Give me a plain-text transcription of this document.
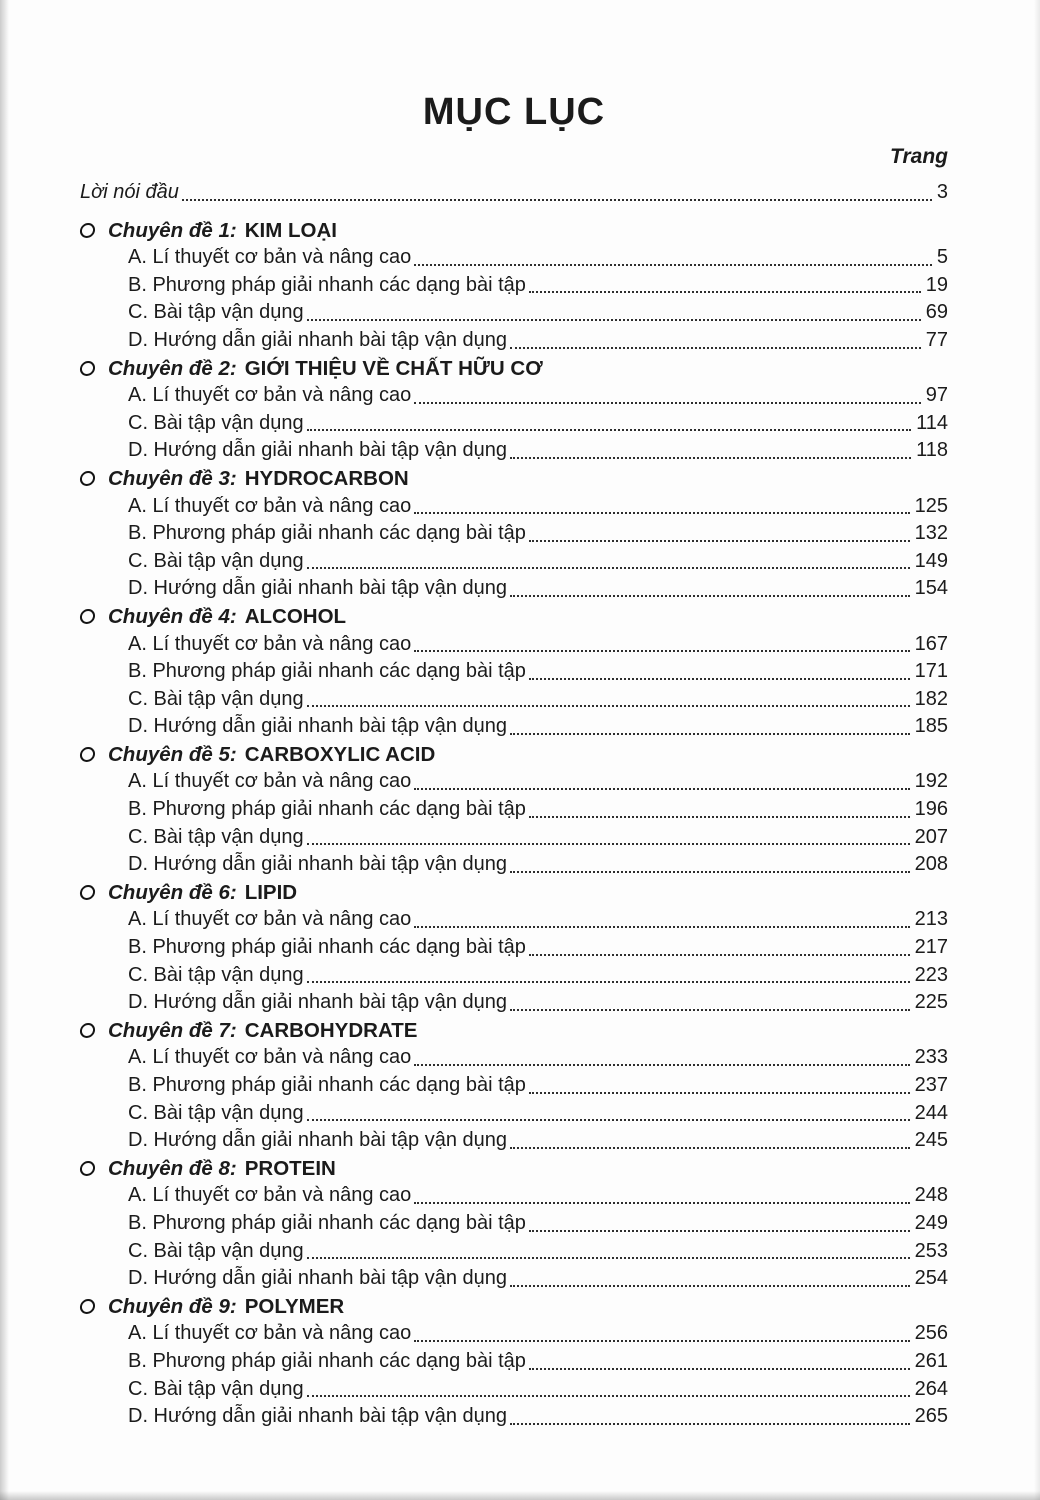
MỤC LỤC
Trang
Lời nói đầu	3
Chuyên đề 1: KIM LOẠI
A. Lí thuyết cơ bản và nâng cao	5
B. Phương pháp giải nhanh các dạng bài tập	19
C. Bài tập vận dụng	69
D. Hướng dẫn giải nhanh bài tập vận dụng	77
Chuyên đề 2: GIỚI THIỆU VỀ CHẤT HỮU CƠ
A. Lí thuyết cơ bản và nâng cao	97
C. Bài tập vận dụng	114
D. Hướng dẫn giải nhanh bài tập vận dụng	118
Chuyên đề 3: HYDROCARBON
A. Lí thuyết cơ bản và nâng cao	125
B. Phương pháp giải nhanh các dạng bài tập	132
C. Bài tập vận dụng	149
D. Hướng dẫn giải nhanh bài tập vận dụng	154
Chuyên đề 4: ALCOHOL
A. Lí thuyết cơ bản và nâng cao	167
B. Phương pháp giải nhanh các dạng bài tập	171
C. Bài tập vận dụng	182
D. Hướng dẫn giải nhanh bài tập vận dụng	185
Chuyên đề 5: CARBOXYLIC ACID
A. Lí thuyết cơ bản và nâng cao	192
B. Phương pháp giải nhanh các dạng bài tập	196
C. Bài tập vận dụng	207
D. Hướng dẫn giải nhanh bài tập vận dụng	208
Chuyên đề 6: LIPID
A. Lí thuyết cơ bản và nâng cao	213
B. Phương pháp giải nhanh các dạng bài tập	217
C. Bài tập vận dụng	223
D. Hướng dẫn giải nhanh bài tập vận dụng	225
Chuyên đề 7: CARBOHYDRATE
A. Lí thuyết cơ bản và nâng cao	233
B. Phương pháp giải nhanh các dạng bài tập	237
C. Bài tập vận dụng	244
D. Hướng dẫn giải nhanh bài tập vận dụng	245
Chuyên đề 8: PROTEIN
A. Lí thuyết cơ bản và nâng cao	248
B. Phương pháp giải nhanh các dạng bài tập	249
C. Bài tập vận dụng	253
D. Hướng dẫn giải nhanh bài tập vận dụng	254
Chuyên đề 9: POLYMER
A. Lí thuyết cơ bản và nâng cao	256
B. Phương pháp giải nhanh các dạng bài tập	261
C. Bài tập vận dụng	264
D. Hướng dẫn giải nhanh bài tập vận dụng	265
